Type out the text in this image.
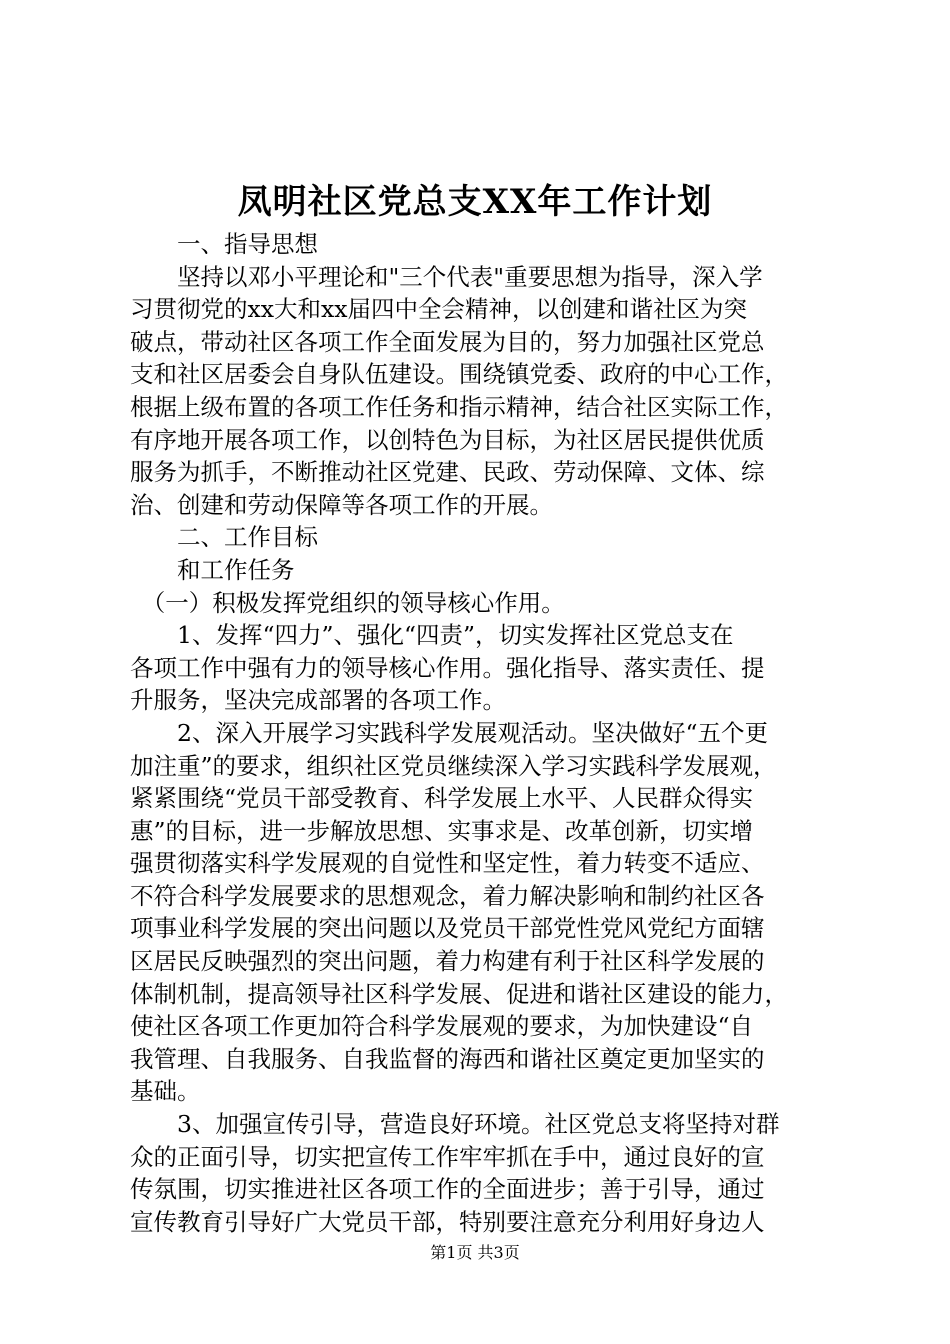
凤明社区党总支XX年工作计划
　　一、指导思想
　　坚持以邓小平理论和"三个代表"重要思想为指导，深入学
习贯彻党的xx大和xx届四中全会精神，以创建和谐社区为突
破点，带动社区各项工作全面发展为目的，努力加强社区党总
支和社区居委会自身队伍建设。围绕镇党委、政府的中心工作，
根据上级布置的各项工作任务和指示精神，结合社区实际工作，
有序地开展各项工作，以创特色为目标，为社区居民提供优质
服务为抓手，不断推动社区党建、民政、劳动保障、文体、综
治、创建和劳动保障等各项工作的开展。
　　二、工作目标
　　和工作任务
　（一）积极发挥党组织的领导核心作用。
　　1、发挥“四力”、强化“四责”，切实发挥社区党总支在
各项工作中强有力的领导核心作用。强化指导、落实责任、提
升服务，坚决完成部署的各项工作。
　　2、深入开展学习实践科学发展观活动。坚决做好“五个更
加注重”的要求，组织社区党员继续深入学习实践科学发展观，
紧紧围绕“党员干部受教育、科学发展上水平、人民群众得实
惠”的目标，进一步解放思想、实事求是、改革创新，切实增
强贯彻落实科学发展观的自觉性和坚定性，着力转变不适应、
不符合科学发展要求的思想观念，着力解决影响和制约社区各
项事业科学发展的突出问题以及党员干部党性党风党纪方面辖
区居民反映强烈的突出问题，着力构建有利于社区科学发展的
体制机制，提高领导社区科学发展、促进和谐社区建设的能力，
使社区各项工作更加符合科学发展观的要求，为加快建设“自
我管理、自我服务、自我监督的海西和谐社区奠定更加坚实的
基础。
　　3、加强宣传引导，营造良好环境。社区党总支将坚持对群
众的正面引导，切实把宣传工作牢牢抓在手中，通过良好的宣
传氛围，切实推进社区各项工作的全面进步；善于引导，通过
宣传教育引导好广大党员干部，特别要注意充分利用好身边人
第1页 共3页
